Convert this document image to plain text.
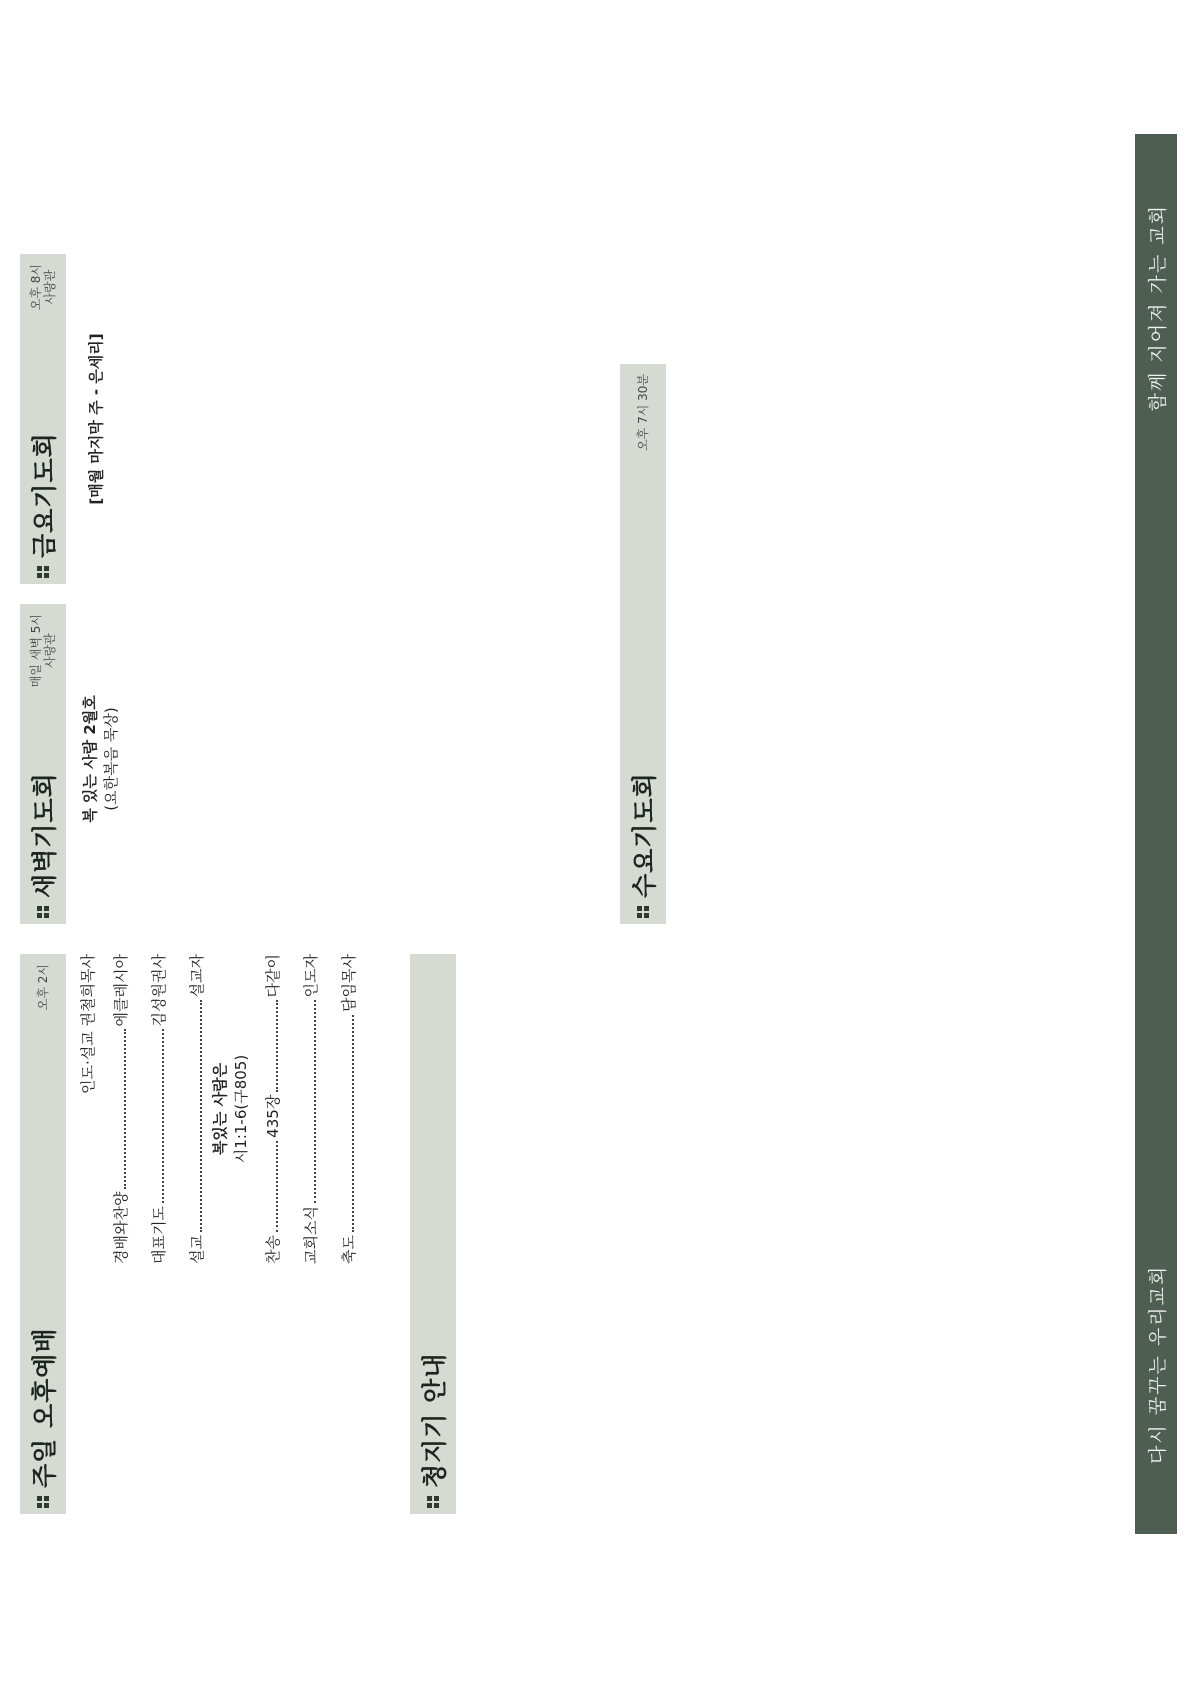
다시 꿈꾸는 우리교회
함께 지어져 가는 교회
주일 오후예배
오후 2시 인도·설교 권철희목사
경배와찬양
에클레시아
대표기도
김성원권사
설교
설교자
복있는 사람은 시1:1-6(구805)
찬송
435장
다같이
교회소식
인도자
축도
담임목사
새벽기도회
매일 새벽 5시
사랑관
복 있는 사람 2월호 (요한복음 묵상)
금요기도회
오후 8시
사랑관
[매월 마지막 주 - 은세리]
수요기도회
오후 7시 30분
청지기 안내
